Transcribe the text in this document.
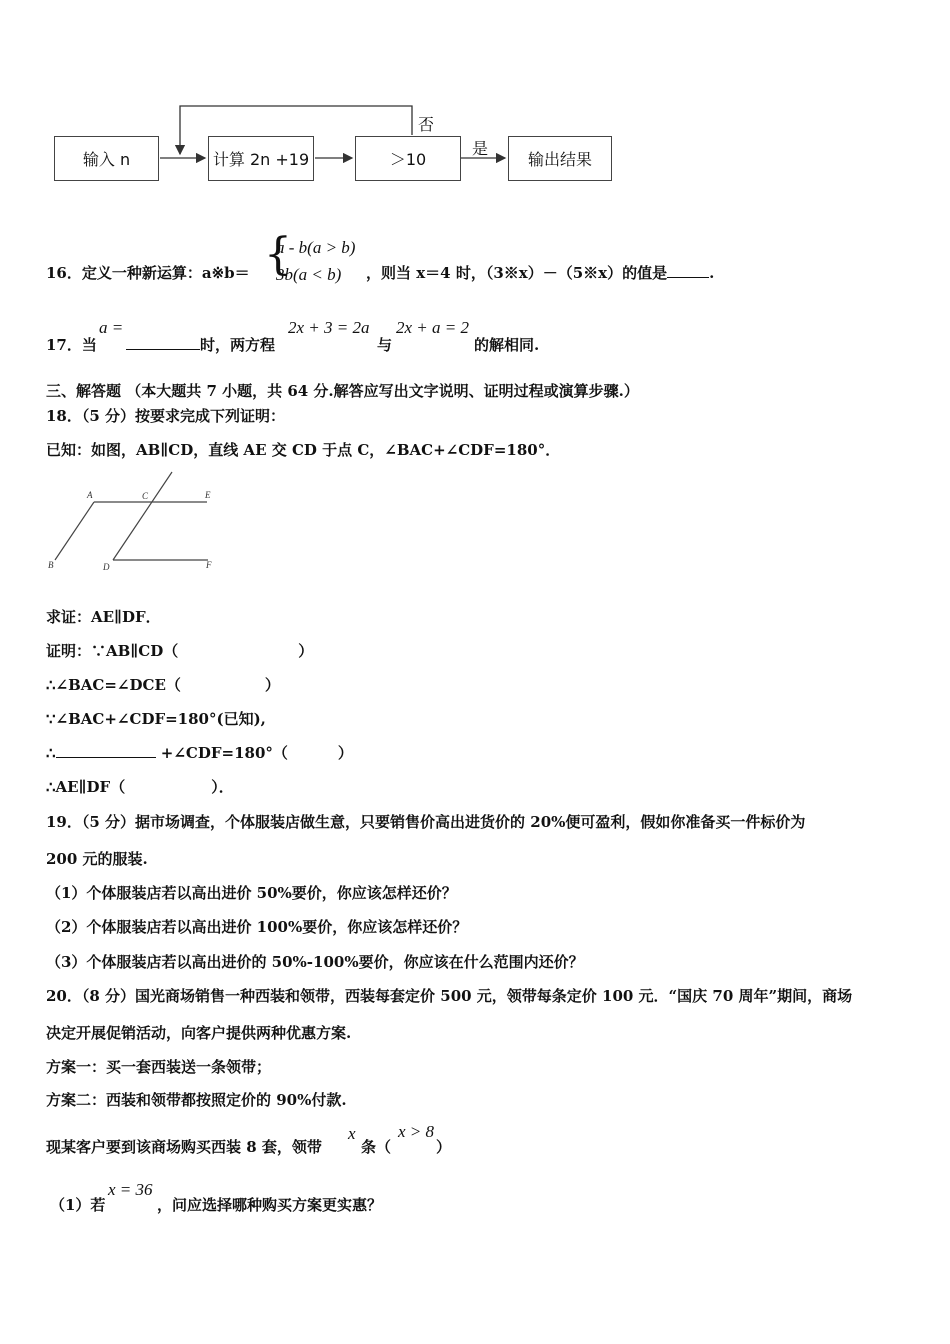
输入 n	计算 2n +19	＞10	输出结果
否
是
16．定义一种新运算：a※b＝ {
a - b(a > b)
3b(a < b) ，则当 x＝4 时，（3※x）－（5※x）的值是	.
17．当
a =
时，两方程
2x + 3 = 2a
与
2x + a = 2
的解相同.
三、解答题 （本大题共 7 小题，共 64 分.解答应写出文字说明、证明过程或演算步骤.）
18．（5 分）按要求完成下列证明：
已知：如图，AB∥CD，直线 AE 交 CD 于点 C，∠BAC+∠CDF=180°．
A	C	E
B	D	F
求证：AE∥DF．
证明：∵AB∥CD（	）
∴∠BAC=∠DCE（	）
∵∠BAC+∠CDF=180°(已知),
∴	+∠CDF=180°（	）
∴AE∥DF（	）．
19．（5 分）据市场调查，个体服装店做生意，只要销售价高出进货价的 20%便可盈利，假如你准备买一件标价为
200 元的服装.
（1）个体服装店若以高出进价 50%要价，你应该怎样还价？
（2）个体服装店若以高出进价 100%要价，你应该怎样还价？
（3）个体服装店若以高出进价的 50%-100%要价，你应该在什么范围内还价？
20．（8 分）国光商场销售一种西装和领带，西装每套定价 500 元，领带每条定价 100 元．“国庆 70 周年”期间，商场
决定开展促销活动，向客户提供两种优惠方案.
方案一：买一套西装送一条领带；
方案二：西装和领带都按照定价的 90%付款.
现某客户要到该商场购买西装 8 套，领带
x
条（
x > 8
）
（1）若
x = 36
，问应选择哪种购买方案更实惠？
